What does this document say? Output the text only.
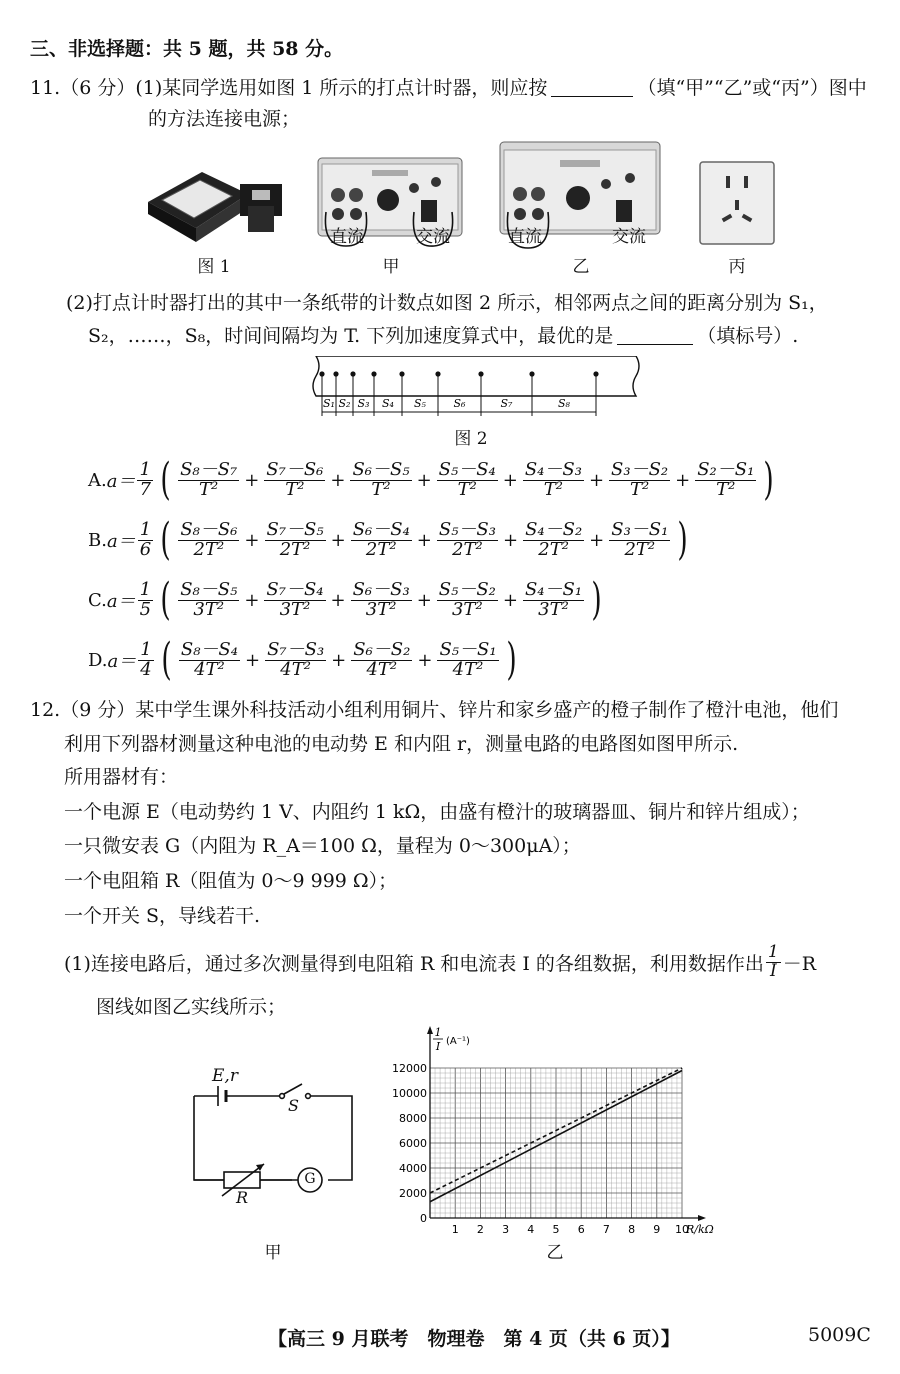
三、非选择题：共 5 题，共 58 分。
11.（6 分）(1)某同学选用如图 1 所示的打点计时器，则应按	（填“甲”“乙”或“丙”）图中
的方法连接电源；
图 1
直流	交流
甲
直流	交流
乙	丙
(2)打点计时器打出的其中一条纸带的计数点如图 2 所示，相邻两点之间的距离分别为 S₁，
S₂，……，S₈，时间间隔均为 T. 下列加速度算式中，最优的是	（填标号）.
S₁ S₂ S₃ S₄ S₅	S₆	S₇	S₈
图 2
A. $a= \frac{1}{7}$ ( $\frac{\text{S₈－S₇}}{\text{T²}} + \frac{\text{S₇－S₆}}{\text{T²}} + \frac{\text{S₆－S₅}}{\text{T²}} + \frac{\text{S₅－S₄}}{\text{T²}} + \frac{\text{S₄－S₃}}{\text{T²}} + \frac{\text{S₃－S₂}}{\text{T²}} + \frac{\text{S₂－S₁}}{\text{T²}}$ )
B. $a= \frac{1}{6}$ ( $\frac{\text{S₈－S₆}}{\text{2T²}} + \frac{\text{S₇－S₅}}{\text{2T²}} + \frac{\text{S₆－S₄}}{\text{2T²}} + \frac{\text{S₅－S₃}}{\text{2T²}} + \frac{\text{S₄－S₂}}{\text{2T²}} + \frac{\text{S₃－S₁}}{\text{2T²}}$ )
C. $a= \frac{1}{5}$ ( $\frac{\text{S₈－S₅}}{\text{3T²}} + \frac{\text{S₇－S₄}}{\text{3T²}} + \frac{\text{S₆－S₃}}{\text{3T²}} + \frac{\text{S₅－S₂}}{\text{3T²}} + \frac{\text{S₄－S₁}}{\text{3T²}}$ )
D. $a= \frac{1}{4}$ ( $\frac{\text{S₈－S₄}}{\text{4T²}} + \frac{\text{S₇－S₃}}{\text{4T²}} + \frac{\text{S₆－S₂}}{\text{4T²}} + \frac{\text{S₅－S₁}}{\text{4T²}}$ )
12.（9 分）某中学生课外科技活动小组利用铜片、锌片和家乡盛产的橙子制作了橙汁电池，他们
利用下列器材测量这种电池的电动势 E 和内阻 r，测量电路的电路图如图甲所示.
所用器材有：
一个电源 E（电动势约 1 V、内阻约 1 kΩ，由盛有橙汁的玻璃器皿、铜片和锌片组成）；
一只微安表 G（内阻为 R_A＝100 Ω，量程为 0～300μA）；
一个电阻箱 R（阻值为 0～9 999 Ω）；
一个开关 S，导线若干.
(1)连接电路后，通过多次测量得到电阻箱 R 和电流表 I 的各组数据，利用数据作出 $\frac{1}{I} -R$
图线如图乙实线所示；
E,r
S
R
G
甲
0
2000
4000
6000
8000
10000
12000
1 2 3 4 5 6 7 8 9 10
R/kΩ
1
I (A⁻¹)
乙
【高三 9 月联考　物理卷　第 4 页（共 6 页）】	5009C
